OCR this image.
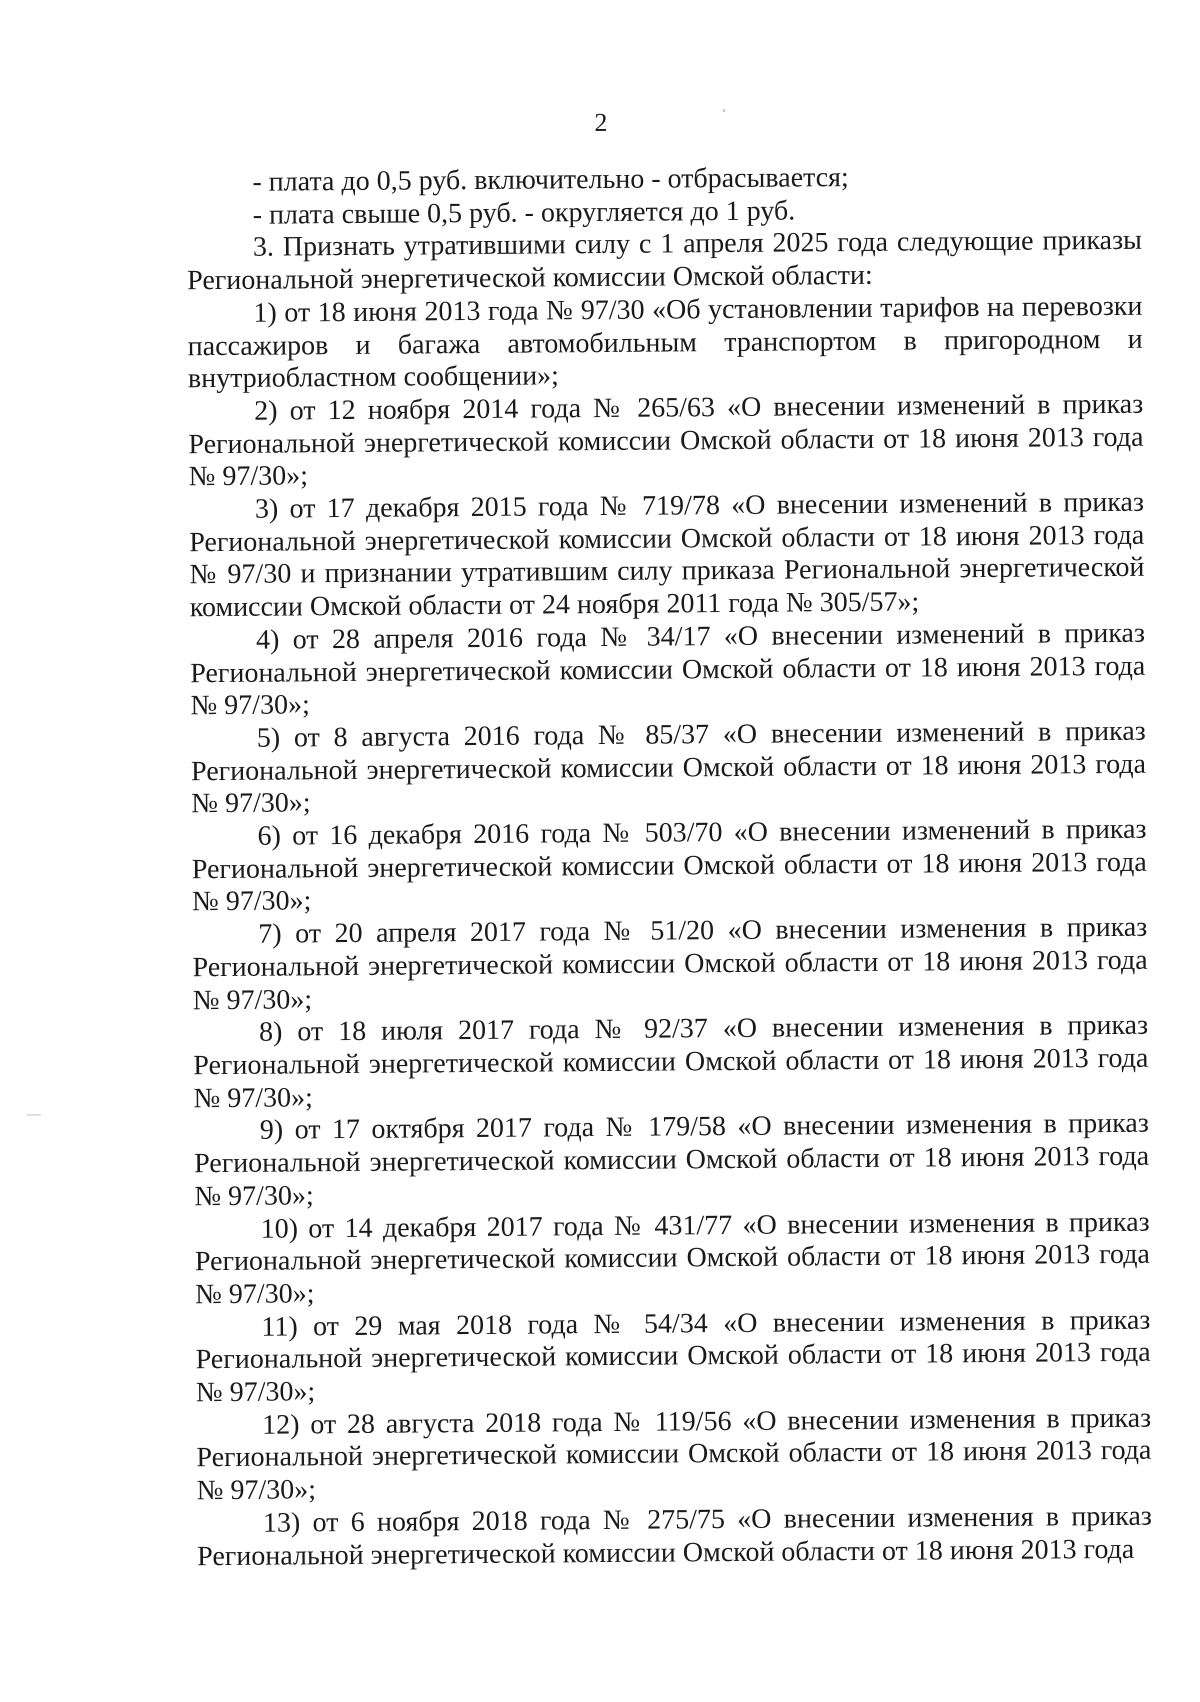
2

- плата до 0,5 руб. включительно - отбрасывается;

- плата свыше 0,5 руб. - округляется до 1 руб.

3. Признать утратившими силу с 1 апреля 2025 года следующие приказы Региональной энергетической комиссии Омской области:

1) от 18 июня 2013 года № 97/30 «Об установлении тарифов на перевозки пассажиров и багажа автомобильным транспортом в пригородном и внутриобластном сообщении»;

2) от 12 ноября 2014 года № 265/63 «О внесении изменений в приказ Региональной энергетической комиссии Омской области от 18 июня 2013 года № 97/30»;

3) от 17 декабря 2015 года № 719/78 «О внесении изменений в приказ Региональной энергетической комиссии Омской области от 18 июня 2013 года № 97/30 и признании утратившим силу приказа Региональной энергетической комиссии Омской области от 24 ноября 2011 года № 305/57»;

4) от 28 апреля 2016 года № 34/17 «О внесении изменений в приказ Региональной энергетической комиссии Омской области от 18 июня 2013 года № 97/30»;

5) от 8 августа 2016 года № 85/37 «О внесении изменений в приказ Региональной энергетической комиссии Омской области от 18 июня 2013 года № 97/30»;

6) от 16 декабря 2016 года № 503/70 «О внесении изменений в приказ Региональной энергетической комиссии Омской области от 18 июня 2013 года № 97/30»;

7) от 20 апреля 2017 года № 51/20 «О внесении изменения в приказ Региональной энергетической комиссии Омской области от 18 июня 2013 года № 97/30»;

8) от 18 июля 2017 года № 92/37 «О внесении изменения в приказ Региональной энергетической комиссии Омской области от 18 июня 2013 года № 97/30»;

9) от 17 октября 2017 года № 179/58 «О внесении изменения в приказ Региональной энергетической комиссии Омской области от 18 июня 2013 года № 97/30»;

10) от 14 декабря 2017 года № 431/77 «О внесении изменения в приказ Региональной энергетической комиссии Омской области от 18 июня 2013 года № 97/30»;

11) от 29 мая 2018 года № 54/34 «О внесении изменения в приказ Региональной энергетической комиссии Омской области от 18 июня 2013 года № 97/30»;

12) от 28 августа 2018 года № 119/56 «О внесении изменения в приказ Региональной энергетической комиссии Омской области от 18 июня 2013 года № 97/30»;

13) от 6 ноября 2018 года № 275/75 «О внесении изменения в приказ Региональной энергетической комиссии Омской области от 18 июня 2013 года
